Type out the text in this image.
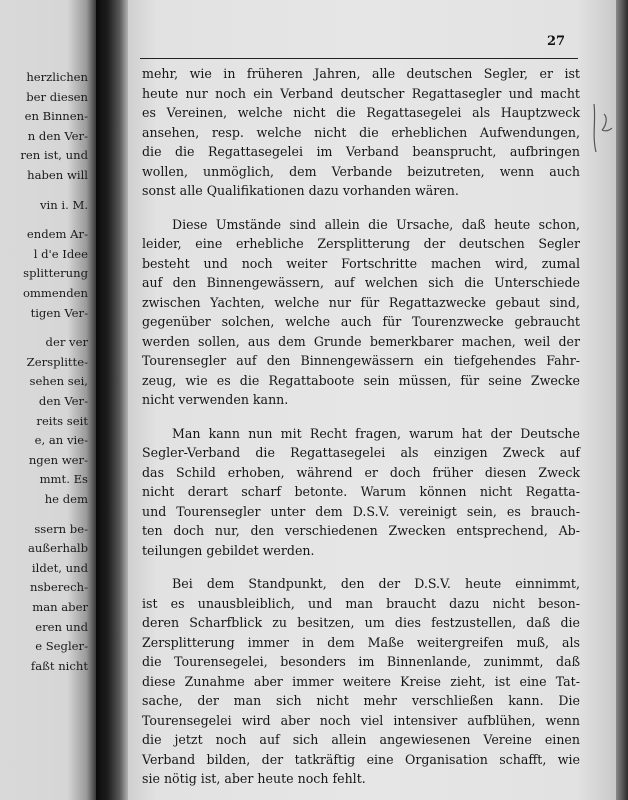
herzlichen
ber diesen
en Binnen-
n den Ver-
ren ist, und
haben will
vin i. M.
endem Ar-
l d'e Idee
splitterung
ommenden
tigen Ver-
der ver
Zersplitte-
sehen sei,
den Ver-
reits seit
e, an vie-
ngen wer-
mmt. Es
he dem
ssern be-
außerhalb
ildet, und
nsberech-
man aber
eren und
e Segler-
faßt nicht
27
mehr, wie in früheren Jahren, alle deutschen Segler, er ist
heute nur noch ein Verband deutscher Regattasegler und macht
es Vereinen, welche nicht die Regattasegelei als Hauptzweck
ansehen, resp. welche nicht die erheblichen Aufwendungen,
die die Regattasegelei im Verband beansprucht, aufbringen
wollen, unmöglich, dem Verbande beizutreten, wenn auch
sonst alle Qualifikationen dazu vorhanden wären.
Diese Umstände sind allein die Ursache, daß heute schon,
leider, eine erhebliche Zersplitterung der deutschen Segler
besteht und noch weiter Fortschritte machen wird, zumal
auf den Binnengewässern, auf welchen sich die Unterschiede
zwischen Yachten, welche nur für Regattazwecke gebaut sind,
gegenüber solchen, welche auch für Tourenzwecke gebraucht
werden sollen, aus dem Grunde bemerkbarer machen, weil der
Tourensegler auf den Binnengewässern ein tiefgehendes Fahr-
zeug, wie es die Regattaboote sein müssen, für seine Zwecke
nicht verwenden kann.
Man kann nun mit Recht fragen, warum hat der Deutsche
Segler-Verband die Regattasegelei als einzigen Zweck auf
das Schild erhoben, während er doch früher diesen Zweck
nicht derart scharf betonte. Warum können nicht Regatta-
und Tourensegler unter dem D.S.V. vereinigt sein, es brauch-
ten doch nur, den verschiedenen Zwecken entsprechend, Ab-
teilungen gebildet werden.
Bei dem Standpunkt, den der D.S.V. heute einnimmt,
ist es unausbleiblich, und man braucht dazu nicht beson-
deren Scharfblick zu besitzen, um dies festzustellen, daß die
Zersplitterung immer in dem Maße weitergreifen muß, als
die Tourensegelei, besonders im Binnenlande, zunimmt, daß
diese Zunahme aber immer weitere Kreise zieht, ist eine Tat-
sache, der man sich nicht mehr verschließen kann. Die
Tourensegelei wird aber noch viel intensiver aufblühen, wenn
die jetzt noch auf sich allein angewiesenen Vereine einen
Verband bilden, der tatkräftig eine Organisation schafft, wie
sie nötig ist, aber heute noch fehlt.
